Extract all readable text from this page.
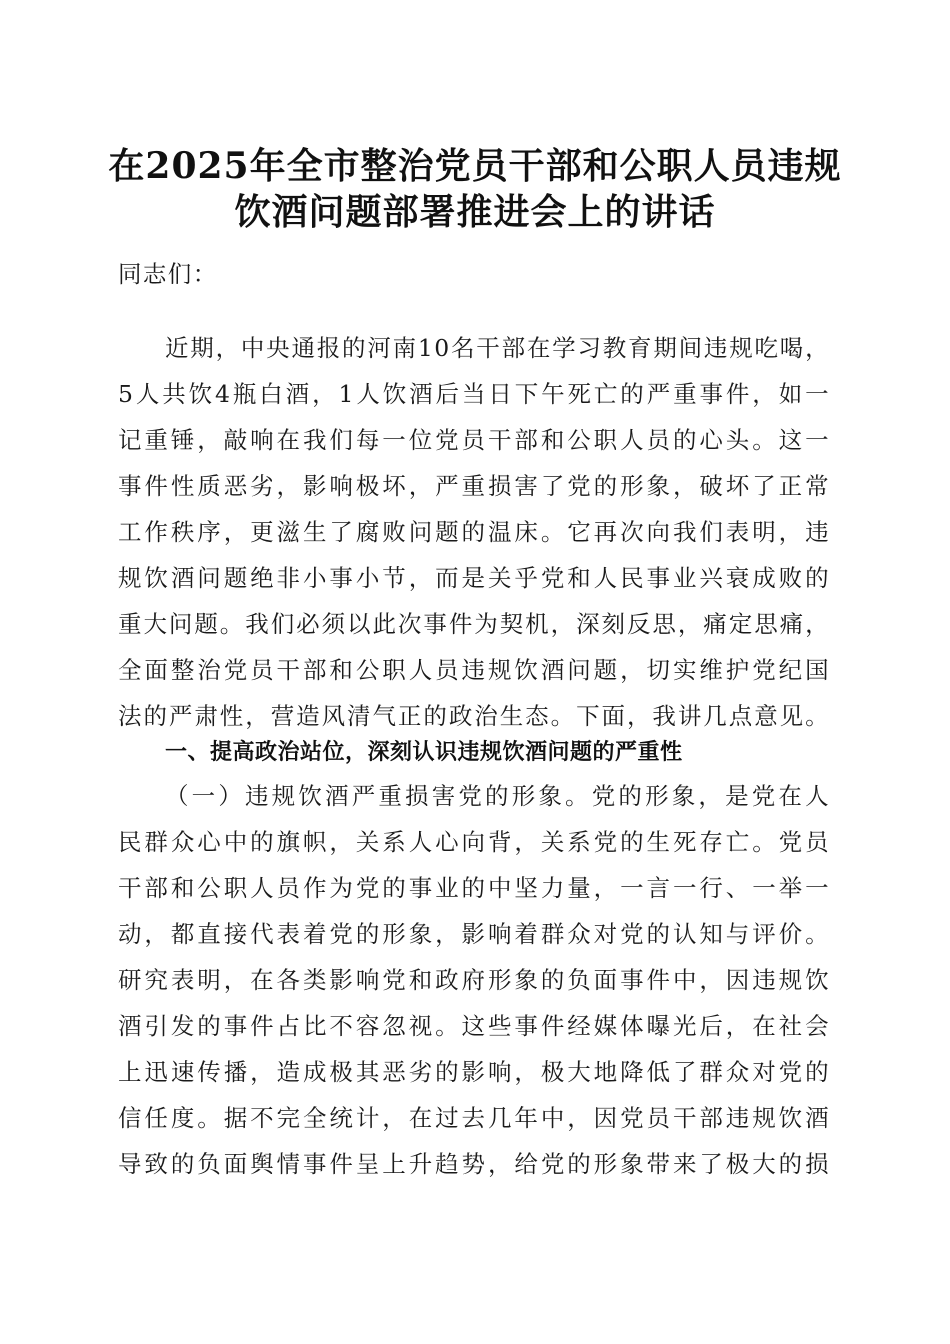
在2025年全市整治党员干部和公职人员违规
饮酒问题部署推进会上的讲话
同志们：
近期，中央通报的河南10名干部在学习教育期间违规吃喝，
5人共饮4瓶白酒，1人饮酒后当日下午死亡的严重事件，如一
记重锤，敲响在我们每一位党员干部和公职人员的心头。这一
事件性质恶劣，影响极坏，严重损害了党的形象，破坏了正常
工作秩序，更滋生了腐败问题的温床。它再次向我们表明，违
规饮酒问题绝非小事小节，而是关乎党和人民事业兴衰成败的
重大问题。我们必须以此次事件为契机，深刻反思，痛定思痛，
全面整治党员干部和公职人员违规饮酒问题，切实维护党纪国
法的严肃性，营造风清气正的政治生态。下面，我讲几点意见。
一、提高政治站位，深刻认识违规饮酒问题的严重性
（一）违规饮酒严重损害党的形象。党的形象，是党在人
民群众心中的旗帜，关系人心向背，关系党的生死存亡。党员
干部和公职人员作为党的事业的中坚力量，一言一行、一举一
动，都直接代表着党的形象，影响着群众对党的认知与评价。
研究表明，在各类影响党和政府形象的负面事件中，因违规饮
酒引发的事件占比不容忽视。这些事件经媒体曝光后，在社会
上迅速传播，造成极其恶劣的影响，极大地降低了群众对党的
信任度。据不完全统计，在过去几年中，因党员干部违规饮酒
导致的负面舆情事件呈上升趋势，给党的形象带来了极大的损
